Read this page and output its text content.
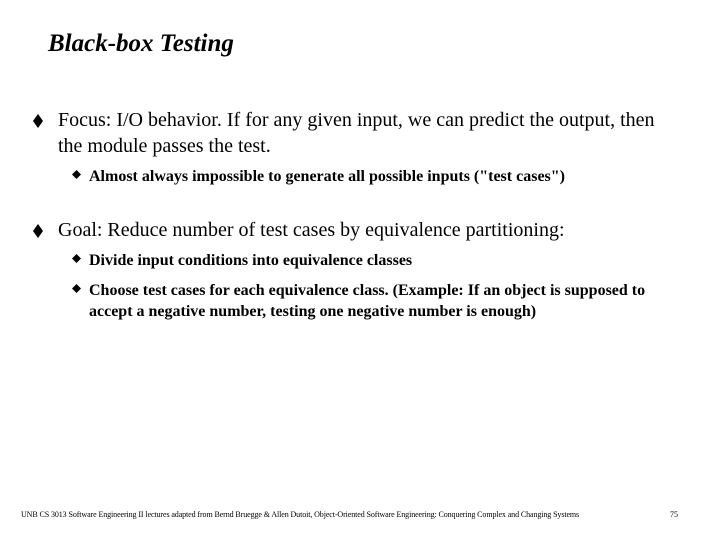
Black-box Testing
Focus: I/O behavior. If for any given input, we can predict the output, then the module passes the test.
Almost always impossible to generate all possible inputs ("test cases")
Goal: Reduce number of test cases by equivalence partitioning:
Divide input conditions into equivalence classes
Choose test cases for each equivalence class. (Example: If an object is supposed to accept a negative number, testing one negative number is enough)
UNB CS 3013 Software Engineering II lectures adapted from Bernd Bruegge & Allen Dutoit, Object-Oriented Software Engineering: Conquering Complex and Changing Systems	75
